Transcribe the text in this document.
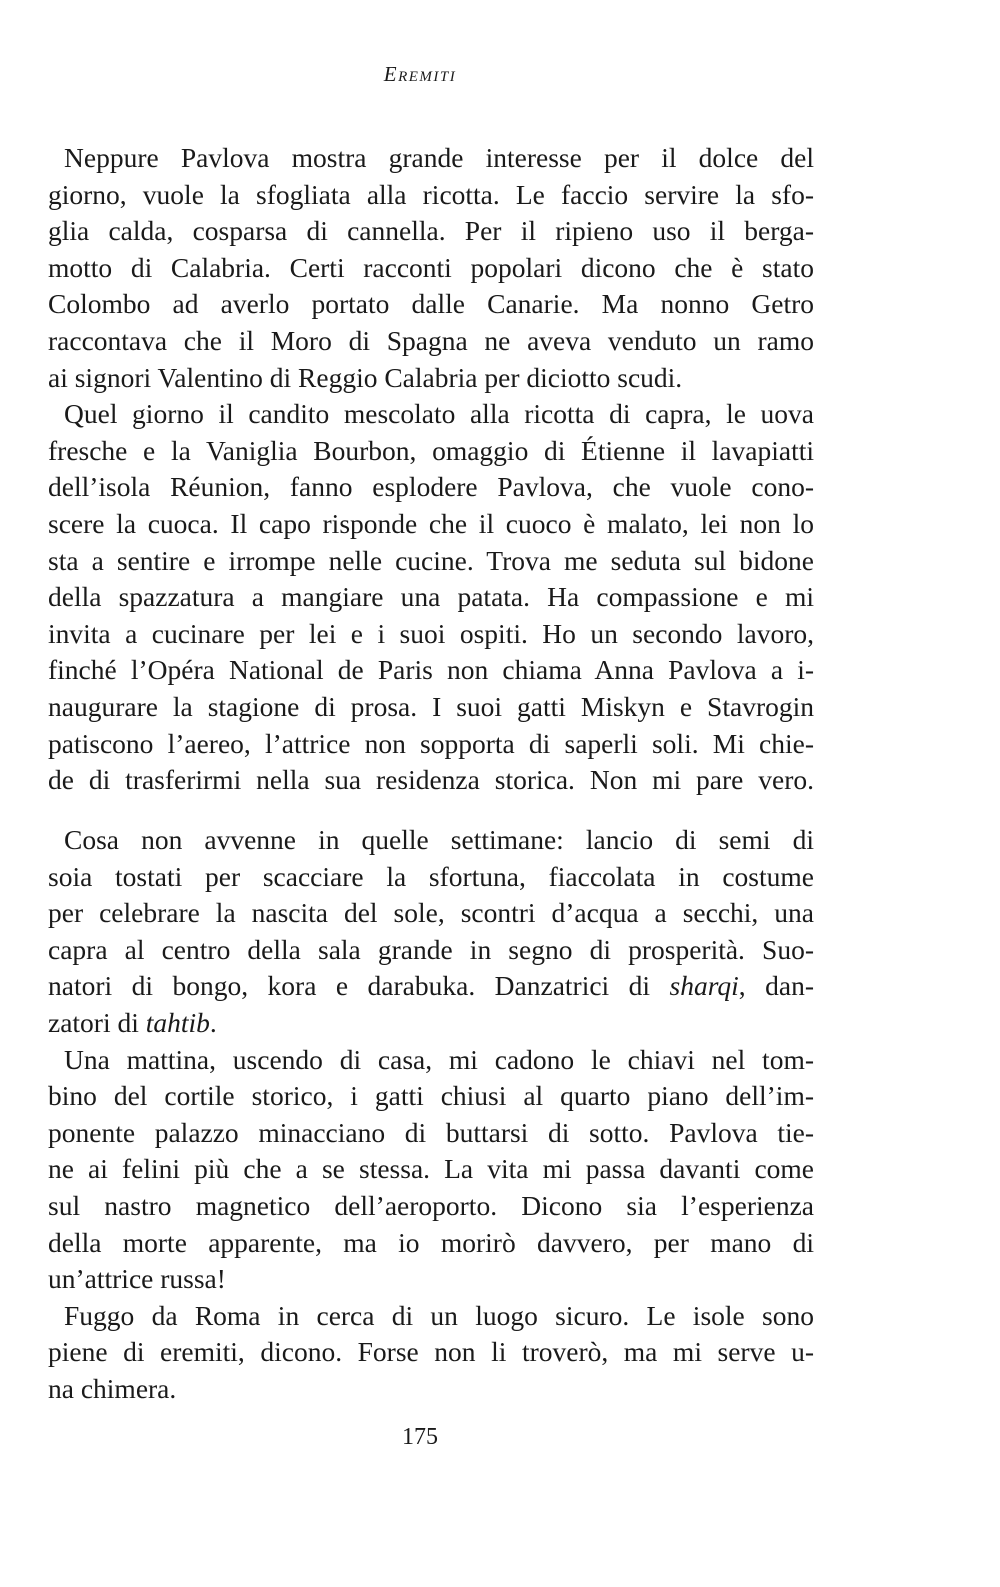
Eremiti
Neppure Pavlova mostra grande interesse per il dolce del
giorno, vuole la sfogliata alla ricotta. Le faccio servire la sfo-
glia calda, cosparsa di cannella. Per il ripieno uso il berga-
motto di Calabria. Certi racconti popolari dicono che è stato
Colombo ad averlo portato dalle Canarie. Ma nonno Getro
raccontava che il Moro di Spagna ne aveva venduto un ramo
ai signori Valentino di Reggio Calabria per diciotto scudi.
Quel giorno il candito mescolato alla ricotta di capra, le uova
fresche e la Vaniglia Bourbon, omaggio di Étienne il lavapiatti
dell’isola Réunion, fanno esplodere Pavlova, che vuole cono-
scere la cuoca. Il capo risponde che il cuoco è malato, lei non lo
sta a sentire e irrompe nelle cucine. Trova me seduta sul bidone
della spazzatura a mangiare una patata. Ha compassione e mi
invita a cucinare per lei e i suoi ospiti. Ho un secondo lavoro,
finché l’Opéra National de Paris non chiama Anna Pavlova a i-
naugurare la stagione di prosa. I suoi gatti Miskyn e Stavrogin
patiscono l’aereo, l’attrice non sopporta di saperli soli. Mi chie-
de di trasferirmi nella sua residenza storica. Non mi pare vero.
Cosa non avvenne in quelle settimane: lancio di semi di
soia tostati per scacciare la sfortuna, fiaccolata in costume
per celebrare la nascita del sole, scontri d’acqua a secchi, una
capra al centro della sala grande in segno di prosperità. Suo-
natori di bongo, kora e darabuka. Danzatrici di sharqi, dan-
zatori di tahtib.
Una mattina, uscendo di casa, mi cadono le chiavi nel tom-
bino del cortile storico, i gatti chiusi al quarto piano dell’im-
ponente palazzo minacciano di buttarsi di sotto. Pavlova tie-
ne ai felini più che a se stessa. La vita mi passa davanti come
sul nastro magnetico dell’aeroporto. Dicono sia l’esperienza
della morte apparente, ma io morirò davvero, per mano di
un’attrice russa!
Fuggo da Roma in cerca di un luogo sicuro. Le isole sono
piene di eremiti, dicono. Forse non li troverò, ma mi serve u-
na chimera.
175
